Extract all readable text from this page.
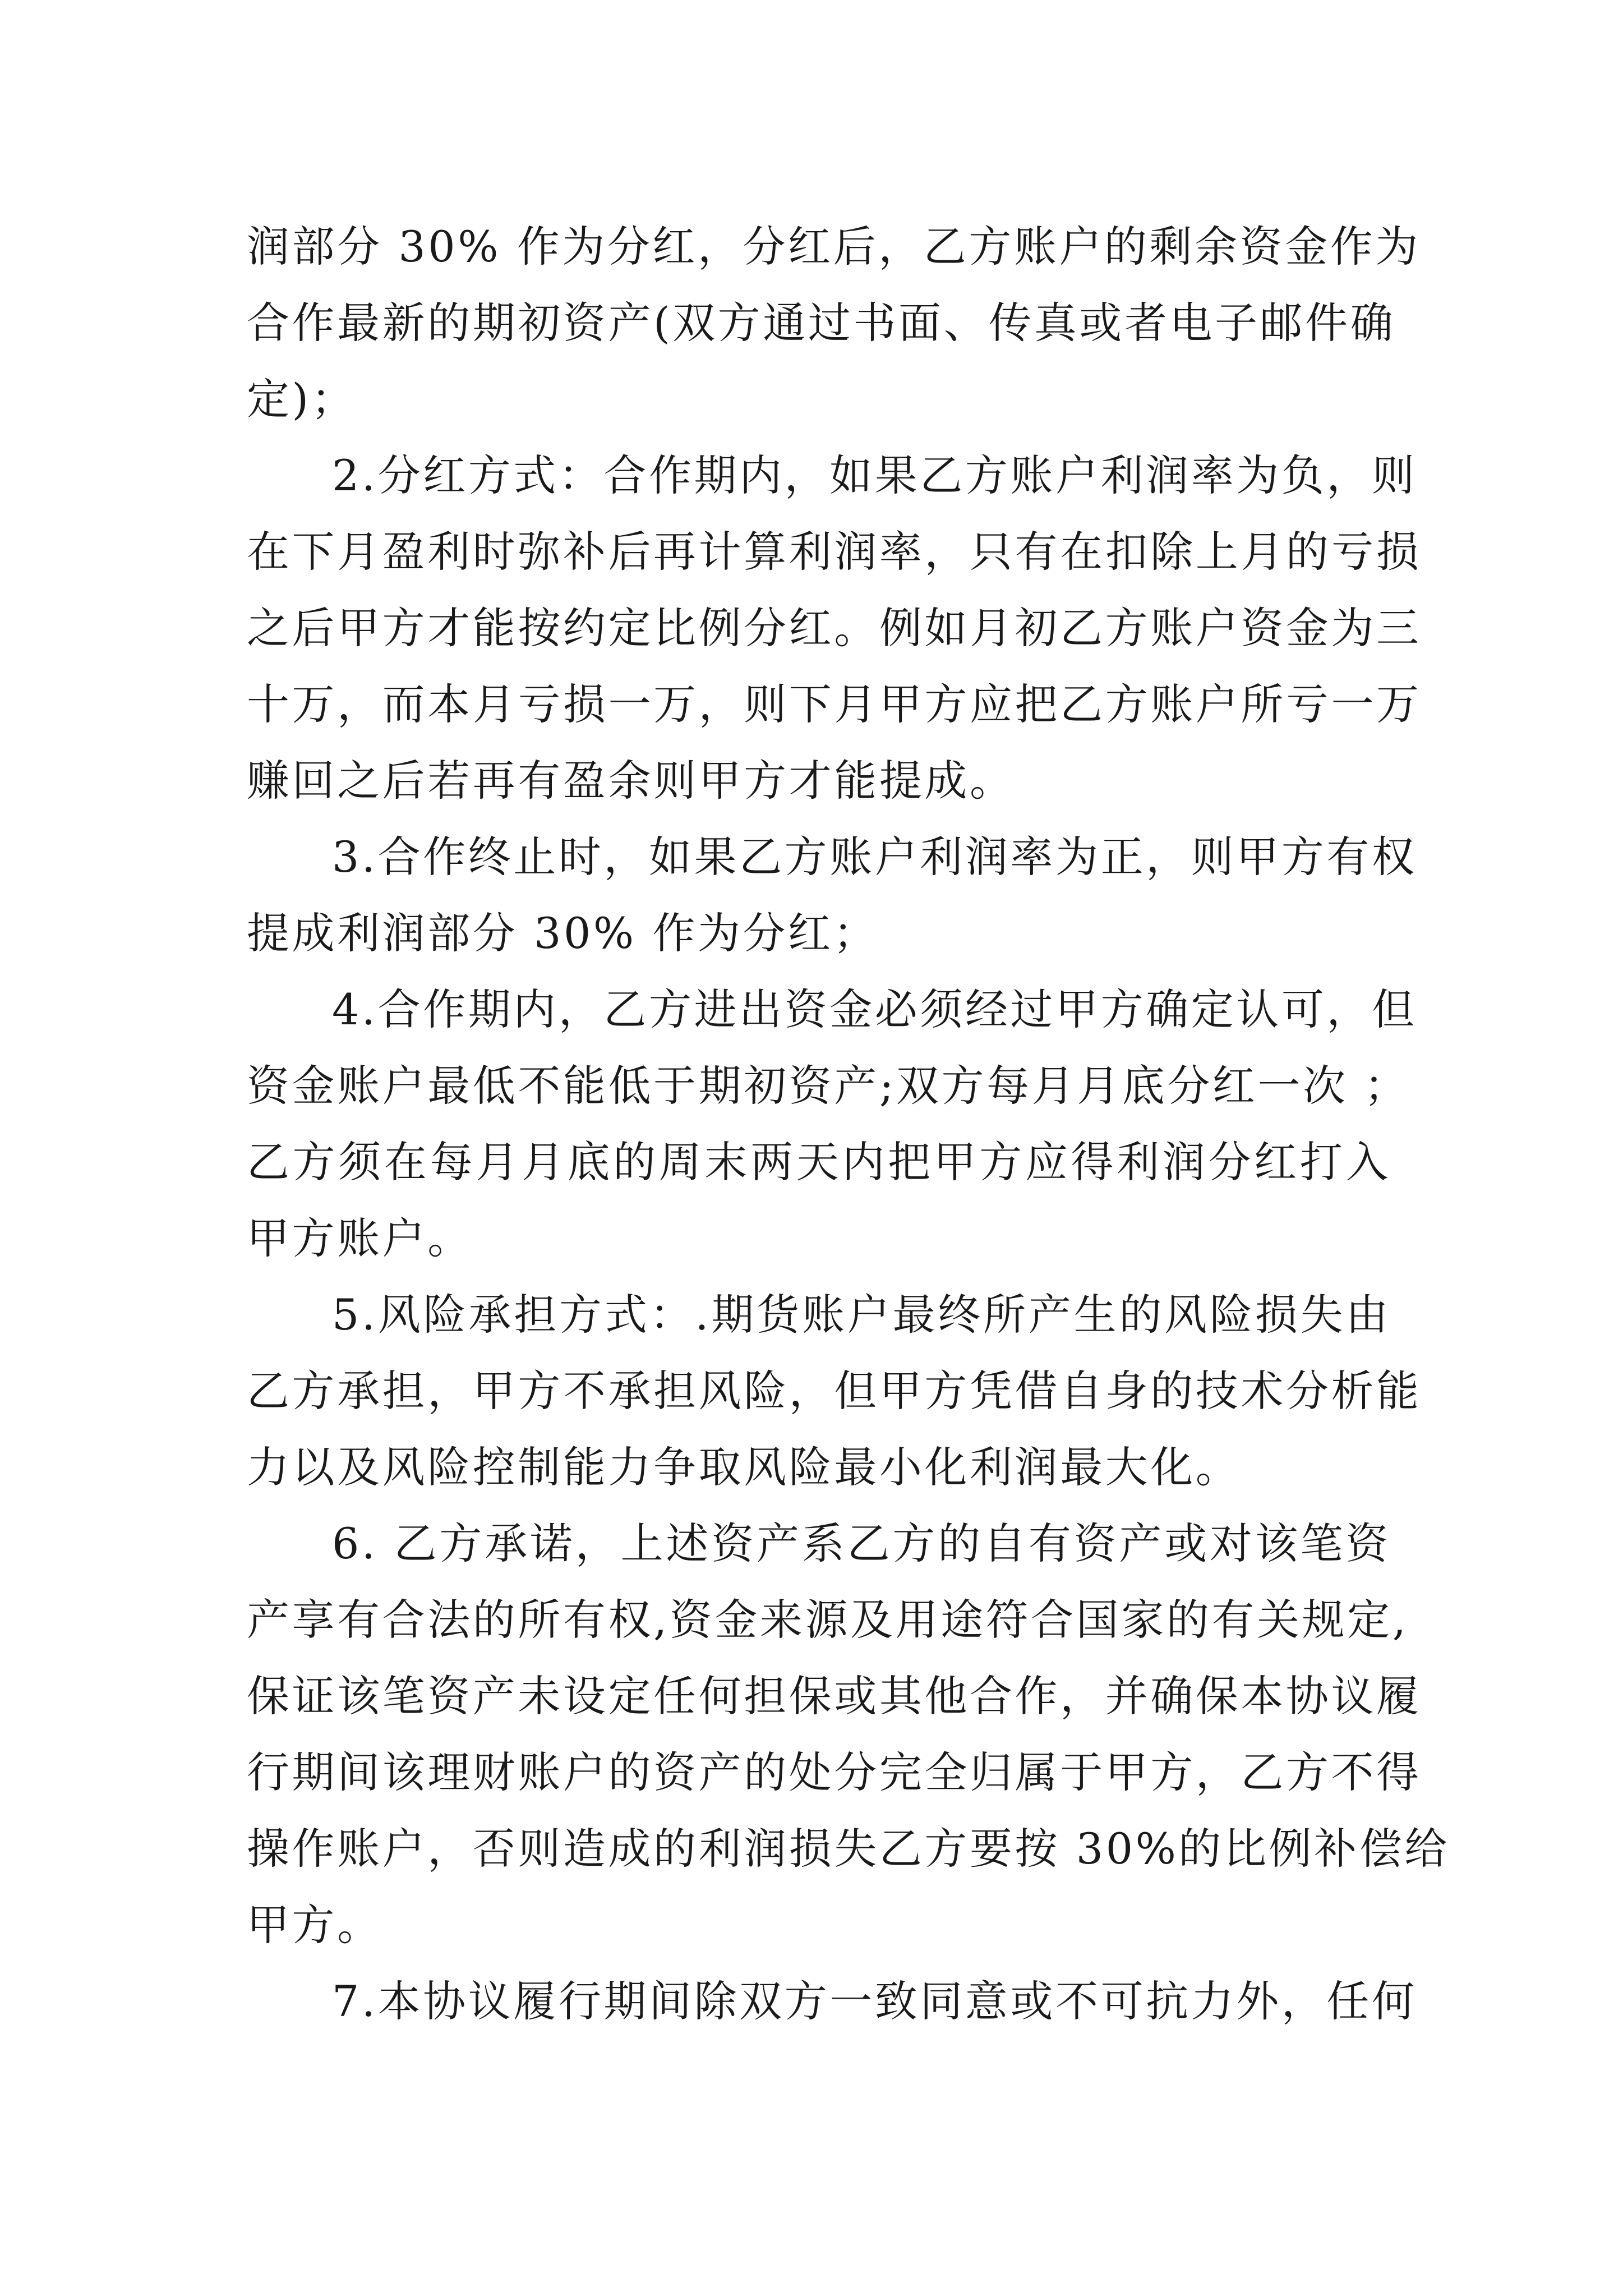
润部分 30% 作为分红，分红后，乙方账户的剩余资金作为
合作最新的期初资产(双方通过书面、传真或者电子邮件确
定)；
2.分红方式：合作期内，如果乙方账户利润率为负，则
在下月盈利时弥补后再计算利润率，只有在扣除上月的亏损
之后甲方才能按约定比例分红。例如月初乙方账户资金为三
十万，而本月亏损一万，则下月甲方应把乙方账户所亏一万
赚回之后若再有盈余则甲方才能提成。
3.合作终止时，如果乙方账户利润率为正，则甲方有权
提成利润部分 30% 作为分红；
4.合作期内，乙方进出资金必须经过甲方确定认可，但
资金账户最低不能低于期初资产;双方每月月底分红一次 ；
乙方须在每月月底的周末两天内把甲方应得利润分红打入
甲方账户。
5.风险承担方式：.期货账户最终所产生的风险损失由
乙方承担，甲方不承担风险，但甲方凭借自身的技术分析能
力以及风险控制能力争取风险最小化利润最大化。
6. 乙方承诺，上述资产系乙方的自有资产或对该笔资
产享有合法的所有权,资金来源及用途符合国家的有关规定,
保证该笔资产未设定任何担保或其他合作，并确保本协议履
行期间该理财账户的资产的处分完全归属于甲方，乙方不得
操作账户，否则造成的利润损失乙方要按 30%的比例补偿给
甲方。
7.本协议履行期间除双方一致同意或不可抗力外，任何
